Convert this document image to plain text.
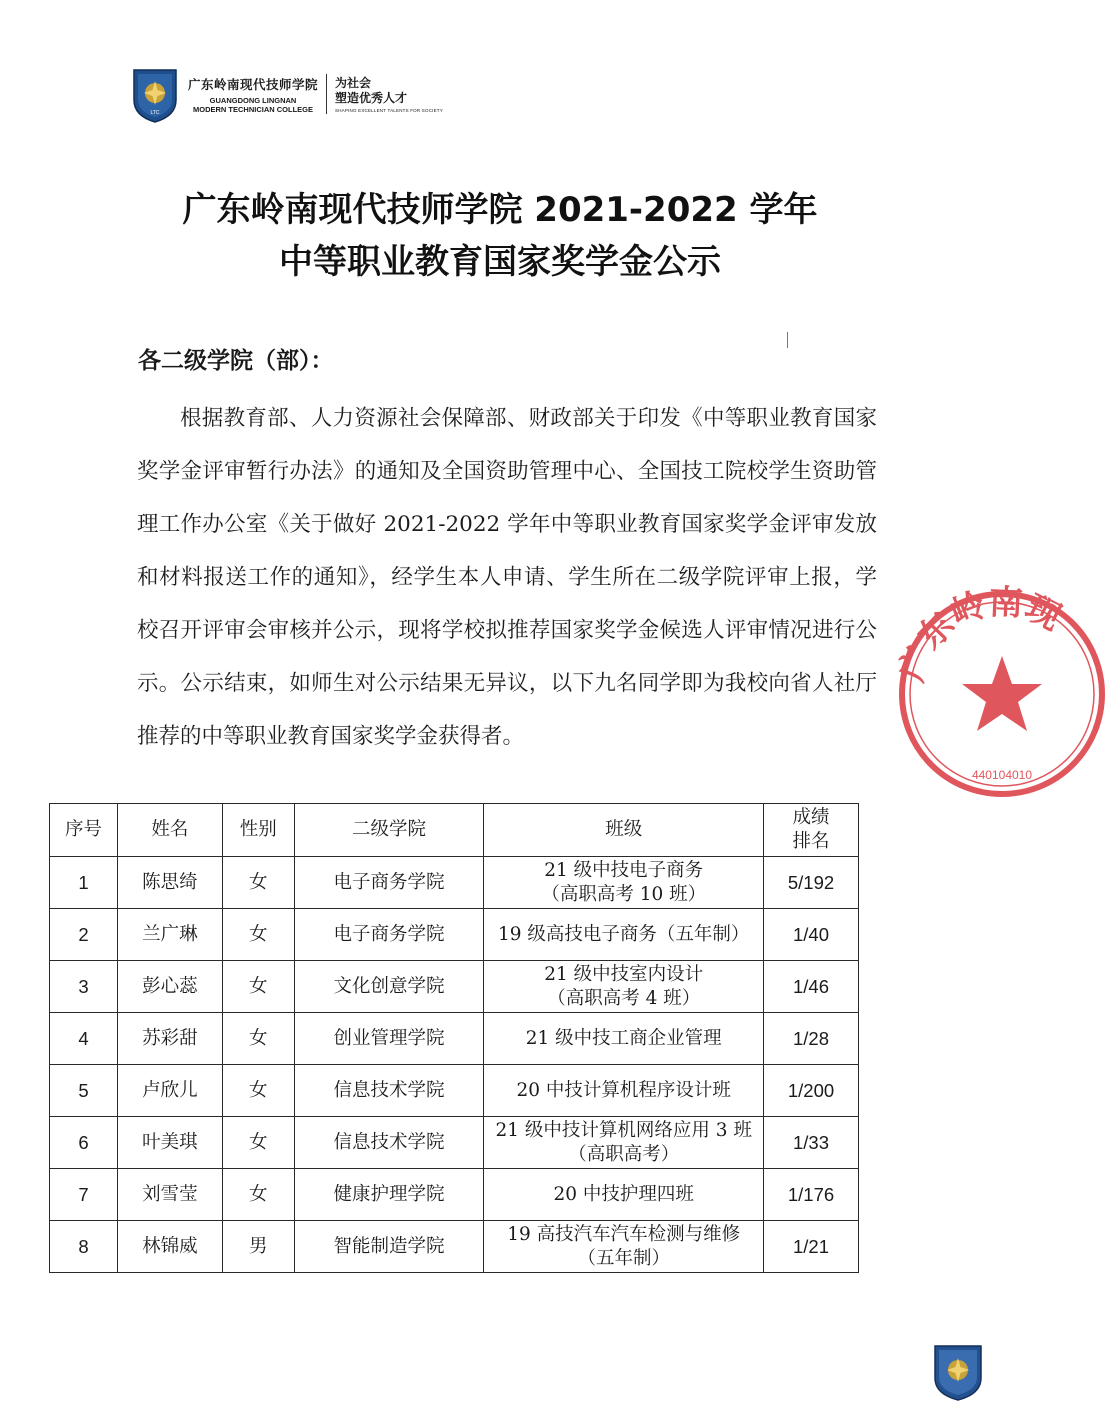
LTC
广东岭南现代技师学院
GUANGDONG LINGNAN
MODERN TECHNICIAN COLLEGE
为社会
塑造优秀人才
SHAPING EXCELLENT TALENTS FOR SOCIETY
广东岭南现代技师学院 2021-2022 学年
中等职业教育国家奖学金公示
各二级学院（部）：
根据教育部、人力资源社会保障部、财政部关于印发《中等职业教育国家奖学金评审暂行办法》的通知及全国资助管理中心、全国技工院校学生资助管理工作办公室《关于做好 2021-2022 学年中等职业教育国家奖学金评审发放和材料报送工作的通知》，经学生本人申请、学生所在二级学院评审上报，学校召开评审会审核并公示，现将学校拟推荐国家奖学金候选人评审情况进行公示。公示结束，如师生对公示结果无异议，以下九名同学即为我校向省人社厅推荐的中等职业教育国家奖学金获得者。
广东岭南现
440104010
序号	姓名	性别	二级学院	班级	成绩排名
1	陈思绮	女	电子商务学院	21 级中技电子商务
（高职高考 10 班）	5/192
2	兰广琳	女	电子商务学院	19 级高技电子商务（五年制）	1/40
3	彭心蕊	女	文化创意学院	21 级中技室内设计
（高职高考 4 班）	1/46
4	苏彩甜	女	创业管理学院	21 级中技工商企业管理	1/28
5	卢欣儿	女	信息技术学院	20 中技计算机程序设计班	1/200
6	叶美琪	女	信息技术学院	21 级中技计算机网络应用 3 班
（高职高考）	1/33
7	刘雪莹	女	健康护理学院	20 中技护理四班	1/176
8	林锦威	男	智能制造学院	19 高技汽车汽车检测与维修
（五年制）	1/21
